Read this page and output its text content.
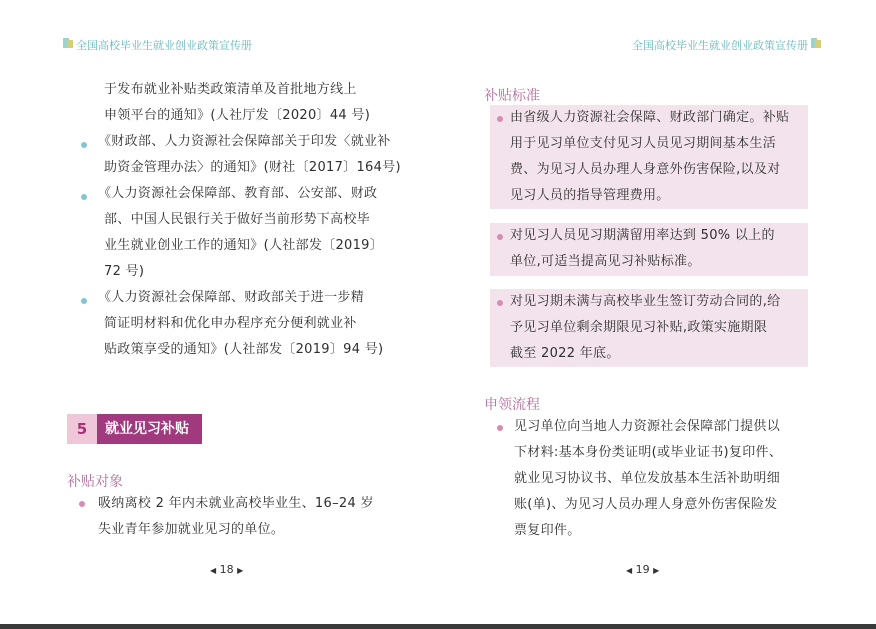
全国高校毕业生就业创业政策宣传册
于发布就业补贴类政策清单及首批地方线上
申领平台的通知》(人社厅发〔2020〕44 号)
《财政部、人力资源社会保障部关于印发〈就业补
助资金管理办法〉的通知》(财社〔2017〕164号)
《人力资源社会保障部、教育部、公安部、财政
部、中国人民银行关于做好当前形势下高校毕
业生就业创业工作的通知》(人社部发〔2019〕
72 号)
《人力资源社会保障部、财政部关于进一步精
简证明材料和优化申办程序充分便利就业补
贴政策享受的通知》(人社部发〔2019〕94 号)
5	就业见习补贴
补贴对象
吸纳离校 2 年内未就业高校毕业生、16–24 岁
失业青年参加就业见习的单位。
◀ 18 ▶
全国高校毕业生就业创业政策宣传册
补贴标准
由省级人力资源社会保障、财政部门确定。补贴
用于见习单位支付见习人员见习期间基本生活
费、为见习人员办理人身意外伤害保险,以及对
见习人员的指导管理费用。
对见习人员见习期满留用率达到 50% 以上的
单位,可适当提高见习补贴标准。
对见习期未满与高校毕业生签订劳动合同的,给
予见习单位剩余期限见习补贴,政策实施期限
截至 2022 年底。
申领流程
见习单位向当地人力资源社会保障部门提供以
下材料:基本身份类证明(或毕业证书)复印件、
就业见习协议书、单位发放基本生活补助明细
账(单)、为见习人员办理人身意外伤害保险发
票复印件。
◀ 19 ▶
